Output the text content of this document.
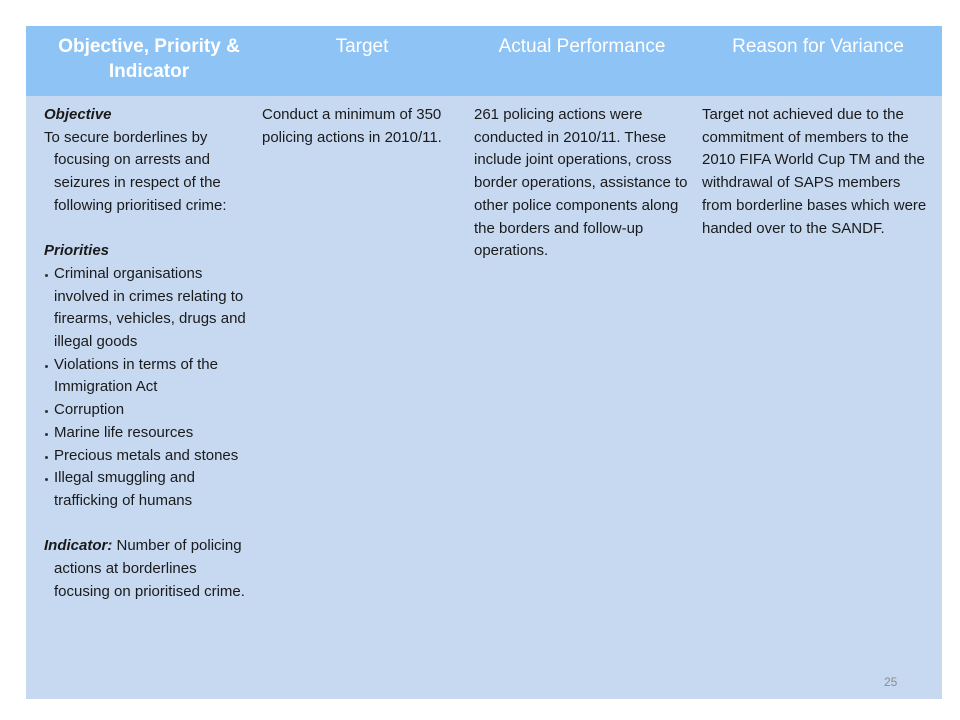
Objective, Priority & Indicator
Target	Actual Performance	Reason for Variance
Objective
To secure borderlines by focusing on arrests and seizures in respect of the following prioritised crime:
Priorities
Criminal organisations involved in crimes relating to firearms, vehicles, drugs and illegal goods
Violations in terms of the Immigration Act
Corruption
Marine life resources
Precious metals and stones
Illegal smuggling and trafficking of humans
Indicator: Number of policing actions at borderlines focusing on prioritised crime.
Conduct a minimum of 350 policing actions in 2010/11.
261 policing actions were conducted in 2010/11. These include joint operations, cross border operations, assistance to other police components along the borders and follow-up operations.
Target not achieved due to the commitment of members to the 2010 FIFA World Cup TM and the withdrawal of SAPS members from borderline bases which were handed over to the SANDF.
25
